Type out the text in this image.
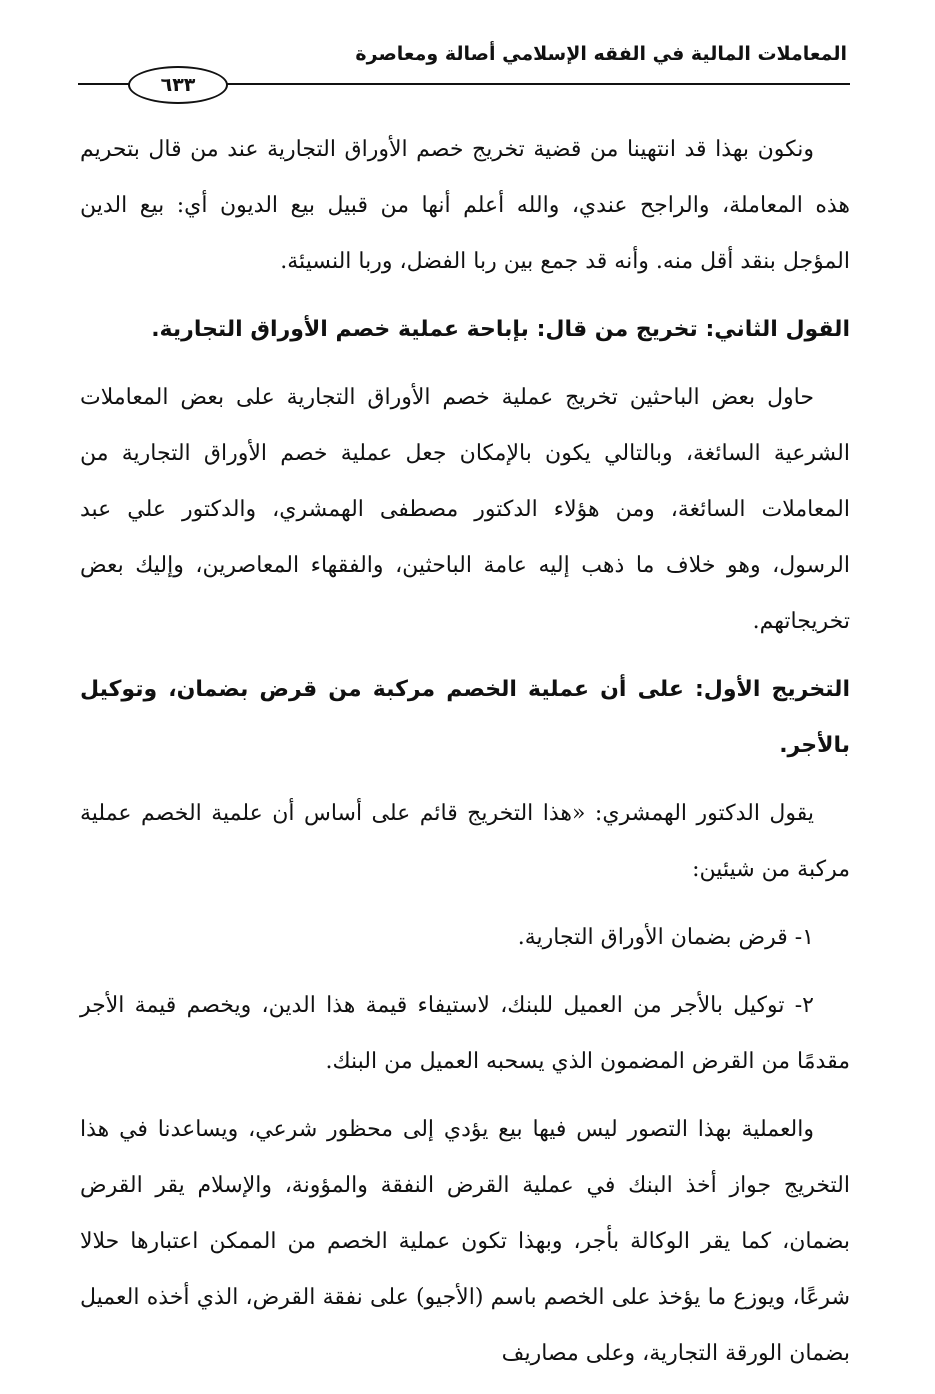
المعاملات المالية في الفقه الإسلامي أصالة ومعاصرة
٦٣٣

ونكون بهذا قد انتهينا من قضية تخريج خصم الأوراق التجارية عند من قال بتحريم هذه المعاملة، والراجح عندي، والله أعلم أنها من قبيل بيع الديون أي: بيع الدين المؤجل بنقد أقل منه. وأنه قد جمع بين ربا الفضل، وربا النسيئة.

القول الثاني: تخريج من قال: بإباحة عملية خصم الأوراق التجارية.

حاول بعض الباحثين تخريج عملية خصم الأوراق التجارية على بعض المعاملات الشرعية السائغة، وبالتالي يكون بالإمكان جعل عملية خصم الأوراق التجارية من المعاملات السائغة، ومن هؤلاء الدكتور مصطفى الهمشري، والدكتور علي عبد الرسول، وهو خلاف ما ذهب إليه عامة الباحثين، والفقهاء المعاصرين، وإليك بعض تخريجاتهم.

التخريج الأول: على أن عملية الخصم مركبة من قرض بضمان، وتوكيل بالأجر.

يقول الدكتور الهمشري: «هذا التخريج قائم على أساس أن علمية الخصم عملية مركبة من شيئين:

١- قرض بضمان الأوراق التجارية.

٢- توكيل بالأجر من العميل للبنك، لاستيفاء قيمة هذا الدين، ويخصم قيمة الأجر مقدمًا من القرض المضمون الذي يسحبه العميل من البنك.

والعملية بهذا التصور ليس فيها بيع يؤدي إلى محظور شرعي، ويساعدنا في هذا التخريج جواز أخذ البنك في عملية القرض النفقة والمؤونة، والإسلام يقر القرض بضمان، كما يقر الوكالة بأجر، وبهذا تكون عملية الخصم من الممكن اعتبارها حلالا شرعًا، ويوزع ما يؤخذ على الخصم باسم (الأجيو) على نفقة القرض، الذي أخذه العميل بضمان الورقة التجارية، وعلى مصاريف
